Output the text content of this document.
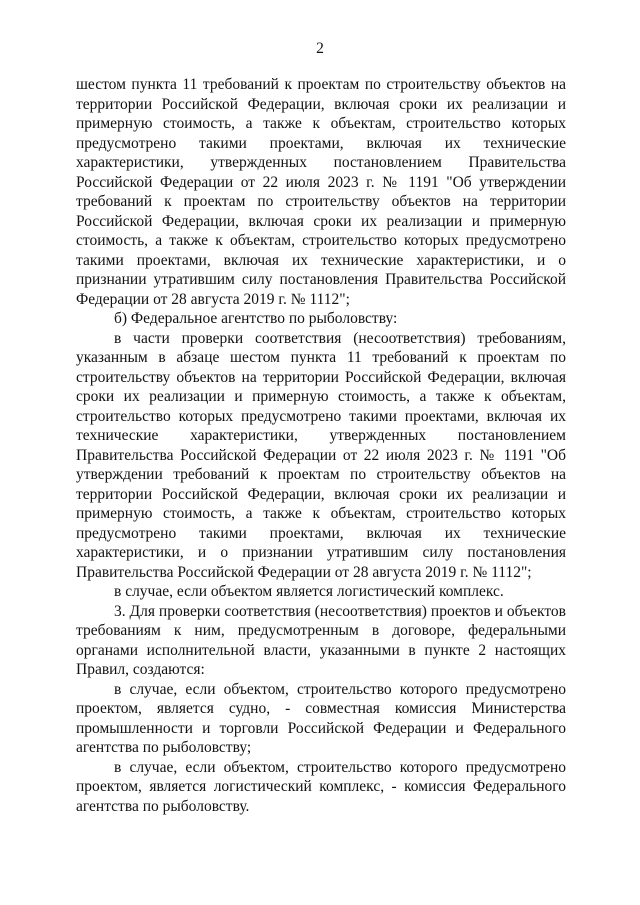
2

шестом пункта 11 требований к проектам по строительству объектов на территории Российской Федерации, включая сроки их реализации и примерную стоимость, а также к объектам, строительство которых предусмотрено такими проектами, включая их технические характеристики, утвержденных постановлением Правительства Российской Федерации от 22 июля 2023 г. № 1191 "Об утверждении требований к проектам по строительству объектов на территории Российской Федерации, включая сроки их реализации и примерную стоимость, а также к объектам, строительство которых предусмотрено такими проектами, включая их технические характеристики, и о признании утратившим силу постановления Правительства Российской Федерации от 28 августа 2019 г. № 1112";

б) Федеральное агентство по рыболовству:

в части проверки соответствия (несоответствия) требованиям, указанным в абзаце шестом пункта 11 требований к проектам по строительству объектов на территории Российской Федерации, включая сроки их реализации и примерную стоимость, а также к объектам, строительство которых предусмотрено такими проектами, включая их технические характеристики, утвержденных постановлением Правительства Российской Федерации от 22 июля 2023 г. № 1191 "Об утверждении требований к проектам по строительству объектов на территории Российской Федерации, включая сроки их реализации и примерную стоимость, а также к объектам, строительство которых предусмотрено такими проектами, включая их технические характеристики, и о признании утратившим силу постановления Правительства Российской Федерации от 28 августа 2019 г. № 1112";

в случае, если объектом является логистический комплекс.

3. Для проверки соответствия (несоответствия) проектов и объектов требованиям к ним, предусмотренным в договоре, федеральными органами исполнительной власти, указанными в пункте 2 настоящих Правил, создаются:

в случае, если объектом, строительство которого предусмотрено проектом, является судно, - совместная комиссия Министерства промышленности и торговли Российской Федерации и Федерального агентства по рыболовству;

в случае, если объектом, строительство которого предусмотрено проектом, является логистический комплекс, - комиссия Федерального агентства по рыболовству.
